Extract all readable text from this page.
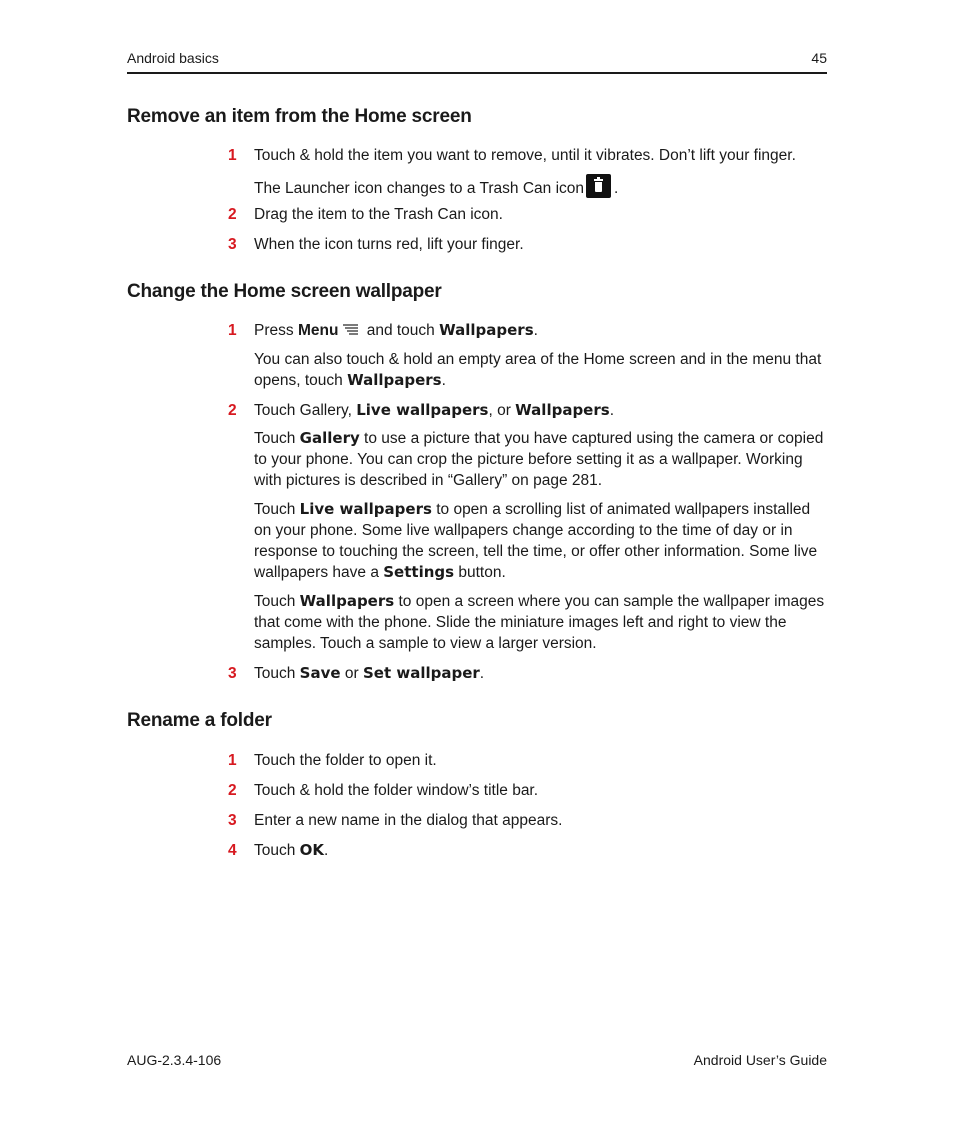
Android basics	45
Remove an item from the Home screen
1	Touch & hold the item you want to remove, until it vibrates. Don’t lift your finger.
The Launcher icon changes to a Trash Can icon .
2	Drag the item to the Trash Can icon.
3	When the icon turns red, lift your finger.
Change the Home screen wallpaper
1	Press Menu and touch Wallpapers.
You can also touch & hold an empty area of the Home screen and in the menu that opens, touch Wallpapers.
2	Touch Gallery, Live wallpapers, or Wallpapers.
Touch Gallery to use a picture that you have captured using the camera or copied to your phone. You can crop the picture before setting it as a wallpaper. Working with pictures is described in “Gallery” on page 281.
Touch Live wallpapers to open a scrolling list of animated wallpapers installed on your phone. Some live wallpapers change according to the time of day or in response to touching the screen, tell the time, or offer other information. Some live wallpapers have a Settings button.
Touch Wallpapers to open a screen where you can sample the wallpaper images that come with the phone. Slide the miniature images left and right to view the samples. Touch a sample to view a larger version.
3	Touch Save or Set wallpaper.
Rename a folder
1	Touch the folder to open it.
2	Touch & hold the folder window’s title bar.
3	Enter a new name in the dialog that appears.
4	Touch OK.
AUG-2.3.4-106	Android User’s Guide
